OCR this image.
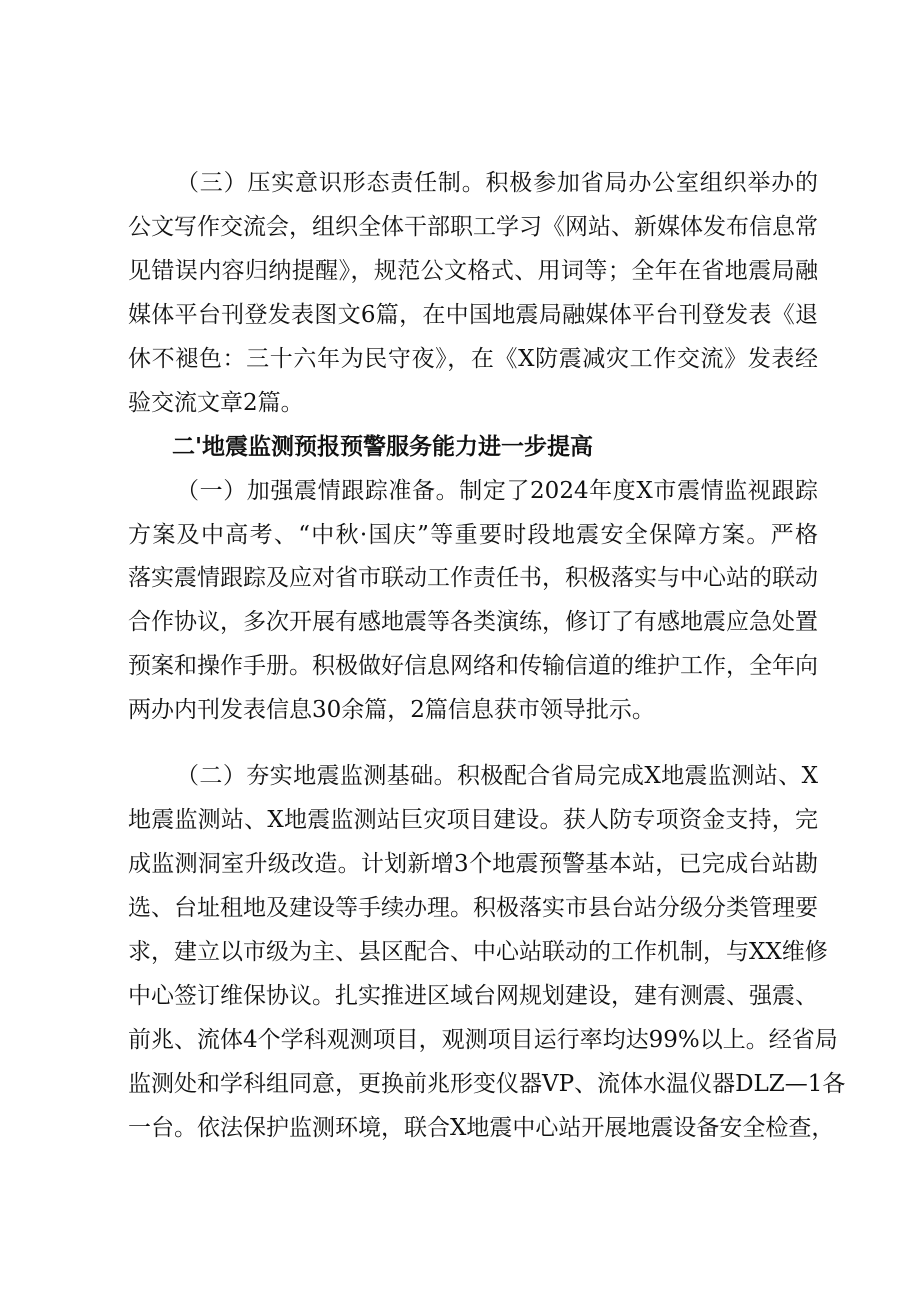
（三）压实意识形态责任制。积极参加省局办公室组织举办的
公文写作交流会，组织全体干部职工学习《网站、新媒体发布信息常
见错误内容归纳提醒》，规范公文格式、用词等；全年在省地震局融
媒体平台刊登发表图文6篇，在中国地震局融媒体平台刊登发表《退
休不褪色：三十六年为民守夜》，在《X防震减灾工作交流》发表经
验交流文章2篇。
二'地震监测预报预警服务能力进一步提高
（一）加强震情跟踪准备。制定了2024年度X市震情监视跟踪
方案及中高考、“中秋·国庆”等重要时段地震安全保障方案。严格
落实震情跟踪及应对省市联动工作责任书，积极落实与中心站的联动
合作协议，多次开展有感地震等各类演练，修订了有感地震应急处置
预案和操作手册。积极做好信息网络和传输信道的维护工作，全年向
两办内刊发表信息30余篇，2篇信息获市领导批示。
（二）夯实地震监测基础。积极配合省局完成X地震监测站、X
地震监测站、X地震监测站巨灾项目建设。获人防专项资金支持，完
成监测洞室升级改造。计划新增3个地震预警基本站，已完成台站勘
选、台址租地及建设等手续办理。积极落实市县台站分级分类管理要
求，建立以市级为主、县区配合、中心站联动的工作机制，与XX维修
中心签订维保协议。扎实推进区域台网规划建设，建有测震、强震、
前兆、流体4个学科观测项目，观测项目运行率均达99%以上。经省局
监测处和学科组同意，更换前兆形变仪器VP、流体水温仪器DLZ—1各
一台。依法保护监测环境，联合X地震中心站开展地震设备安全检查，
